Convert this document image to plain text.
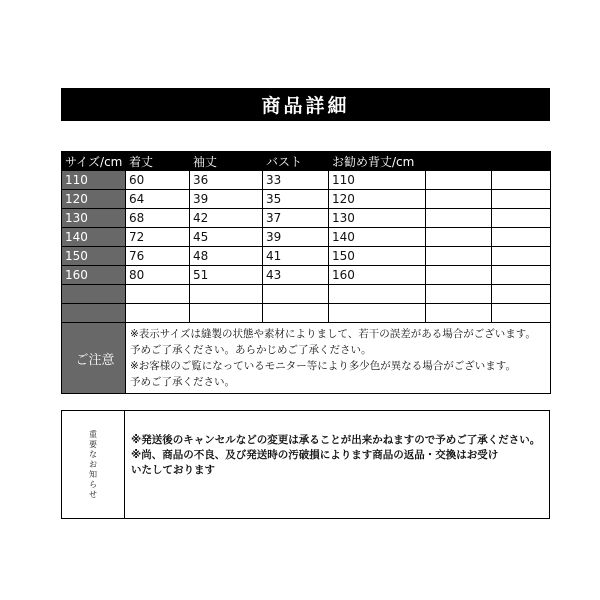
商品詳細
サイズ/cm	着丈	袖丈	バスト	お勧め背丈/cm		
110	60	36	33	110		
120	64	39	35	120		
130	68	42	37	130		
140	72	45	39	140		
150	76	48	41	150		
160	80	51	43	160		

ご注意	※表示サイズは縫製の状態や素材によりまして、若干の誤差がある場合がございます。
予めご了承ください。あらかじめご了承ください。
※お客様のご覧になっているモニター等により多少色が異なる場合がございます。
予めご了承ください。					
重
要
な
お
知
ら
せ
※発送後のキャンセルなどの変更は承ることが出来かねますので予めご了承ください。
※尚、商品の不良、及び発送時の汚破損によります商品の返品・交換はお受け
いたしております
